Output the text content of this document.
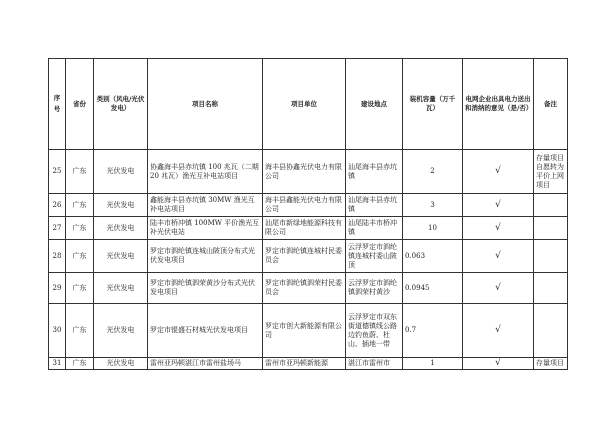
序号	省份	类别（风电/光伏发电）	项目名称	项目单位	建设地点	装机容量（万千瓦）	电网企业出具电力送出和消纳的意见（是/否）	备注
25	广东	光伏发电	协鑫海丰县赤坑镇 100 兆瓦（二期 20 兆瓦）渔光互补电站项目	海丰县协鑫光伏电力有限公司	汕尾海丰县赤坑镇	2	√	存量项目自愿转为平价上网项目
26	广东	光伏发电	鑫能海丰县赤坑镇 30MW 渔光互补电站项目	海丰县鑫能光伏电力有限公司	汕尾海丰县赤坑镇	3	√	
27	广东	光伏发电	陆丰市桥冲镇 100MW 平价渔光互补光伏电站	汕尾市新绿地能源科技有限公司	汕尾陆丰市桥冲镇	10	√	
28	广东	光伏发电	罗定市泗纶镇连城山陂顶分布式光伏发电项目	罗定市泗纶镇连城村民委员会	云浮罗定市泗纶镇连城村委山陂顶	0.063	√	
29	广东	光伏发电	罗定市泗纶镇泗荣黄沙分布式光伏发电项目	罗定市泗纶镇泗荣村民委员会	云浮罗定市泗纶镇泗荣村黄沙	0.0945	√	
30	广东	光伏发电	罗定市锟盛石材城光伏发电项目	罗定市创大新能源有限公司	云浮罗定市双东街道德镇线公路边钓鱼蔚、杜山、插地一带	0.7	√	
31	广东	光伏发电	雷州亚玛顿湛江市雷州盐场马	雷州市亚玛顿新能源	湛江市雷州市	1	√	存量项目
